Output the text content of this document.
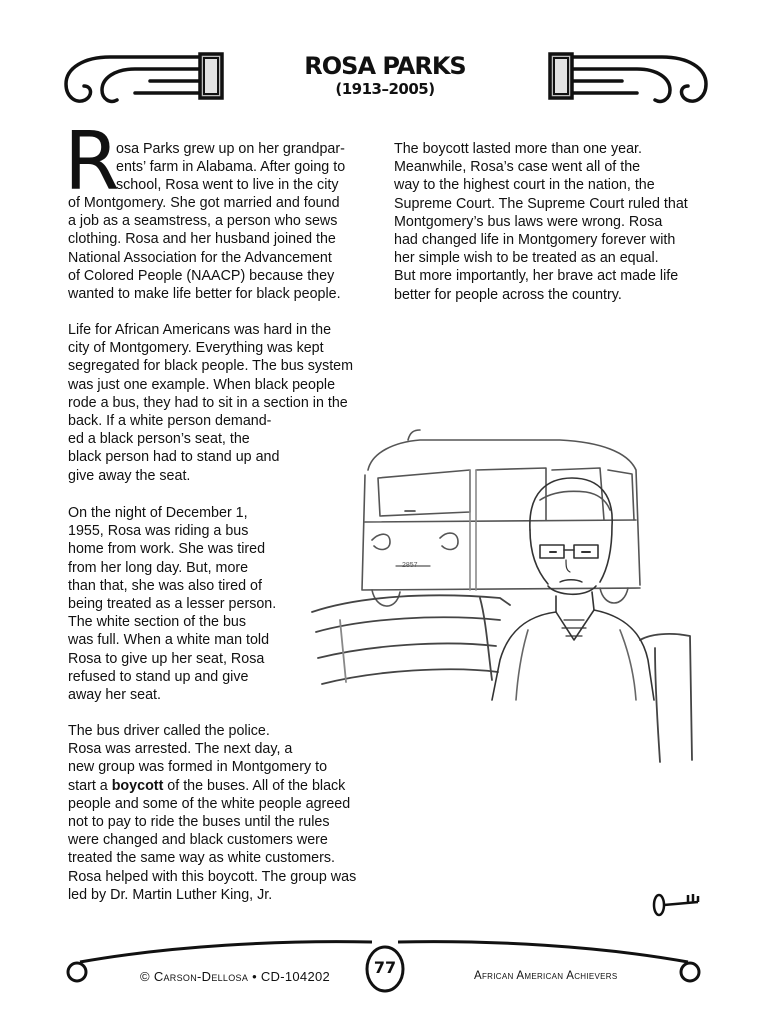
ROSA PARKS
(1913–2005)
R

osa Parks grew up on her grandpar-

ents’ farm in Alabama. After going to

school, Rosa went to live in the city

of Montgomery. She got married and found

a job as a seamstress, a person who sews

clothing. Rosa and her husband joined the

National Association for the Advancement

of Colored People (NAACP) because they

wanted to make life better for black people.

Life for African Americans was hard in the

city of Montgomery. Everything was kept

segregated for black people. The bus system

was just one example. When black people

rode a bus, they had to sit in a section in the

back. If a white person demand-

ed a black person’s seat, the

black person had to stand up and

give away the seat.

On the night of December 1,

1955, Rosa was riding a bus

home from work. She was tired

from her long day. But, more

than that, she was also tired of

being treated as a lesser person.

The white section of the bus

was full. When a white man told

Rosa to give up her seat, Rosa

refused to stand up and give

away her seat.

The bus driver called the police.

Rosa was arrested. The next day, a

new group was formed in Montgomery to

start a boycott of the buses. All of the black

people and some of the white people agreed

not to pay to ride the buses until the rules

were changed and black customers were

treated the same way as white customers.

Rosa helped with this boycott. The group was

led by Dr. Martin Luther King, Jr.

The boycott lasted more than one year.

Meanwhile, Rosa’s case went all of the

way to the highest court in the nation, the

Supreme Court. The Supreme Court ruled that

Montgomery’s bus laws were wrong. Rosa

had changed life in Montgomery forever with

her simple wish to be treated as an equal.

But more importantly, her brave act made life

better for people across the country.

2857
© Carson-Dellosa • CD-104202	77	African American Achievers
